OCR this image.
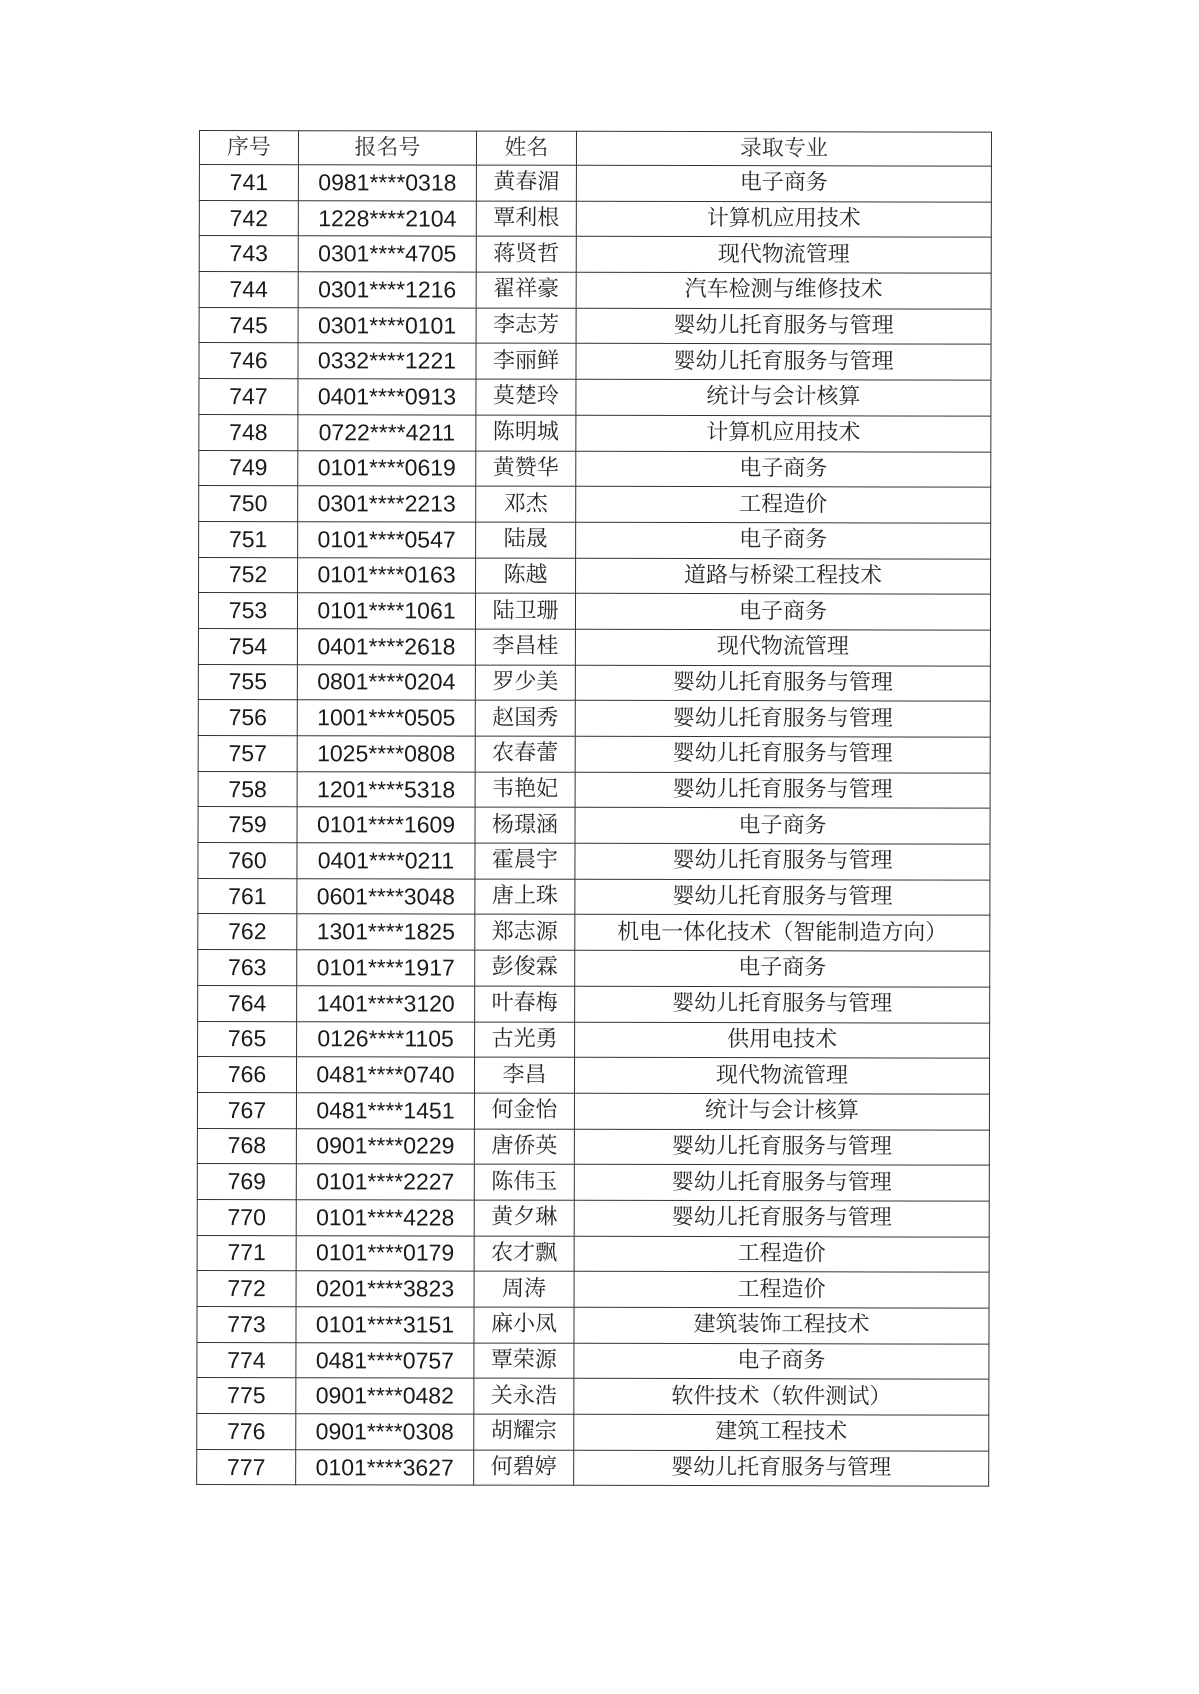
序号	报名号	姓名	录取专业
741	0981****0318	黄春湄	电子商务
742	1228****2104	覃利根	计算机应用技术
743	0301****4705	蒋贤哲	现代物流管理
744	0301****1216	翟祥豪	汽车检测与维修技术
745	0301****0101	李志芳	婴幼儿托育服务与管理
746	0332****1221	李丽鲜	婴幼儿托育服务与管理
747	0401****0913	莫楚玲	统计与会计核算
748	0722****4211	陈明城	计算机应用技术
749	0101****0619	黄赞华	电子商务
750	0301****2213	邓杰	工程造价
751	0101****0547	陆晟	电子商务
752	0101****0163	陈越	道路与桥梁工程技术
753	0101****1061	陆卫珊	电子商务
754	0401****2618	李昌桂	现代物流管理
755	0801****0204	罗少美	婴幼儿托育服务与管理
756	1001****0505	赵国秀	婴幼儿托育服务与管理
757	1025****0808	农春蕾	婴幼儿托育服务与管理
758	1201****5318	韦艳妃	婴幼儿托育服务与管理
759	0101****1609	杨璟涵	电子商务
760	0401****0211	霍晨宇	婴幼儿托育服务与管理
761	0601****3048	唐上珠	婴幼儿托育服务与管理
762	1301****1825	郑志源	机电一体化技术（智能制造方向）
763	0101****1917	彭俊霖	电子商务
764	1401****3120	叶春梅	婴幼儿托育服务与管理
765	0126****1105	古光勇	供用电技术
766	0481****0740	李昌	现代物流管理
767	0481****1451	何金怡	统计与会计核算
768	0901****0229	唐侨英	婴幼儿托育服务与管理
769	0101****2227	陈伟玉	婴幼儿托育服务与管理
770	0101****4228	黄夕琳	婴幼儿托育服务与管理
771	0101****0179	农才飘	工程造价
772	0201****3823	周涛	工程造价
773	0101****3151	麻小凤	建筑装饰工程技术
774	0481****0757	覃荣源	电子商务
775	0901****0482	关永浩	软件技术（软件测试）
776	0901****0308	胡耀宗	建筑工程技术
777	0101****3627	何碧婷	婴幼儿托育服务与管理
